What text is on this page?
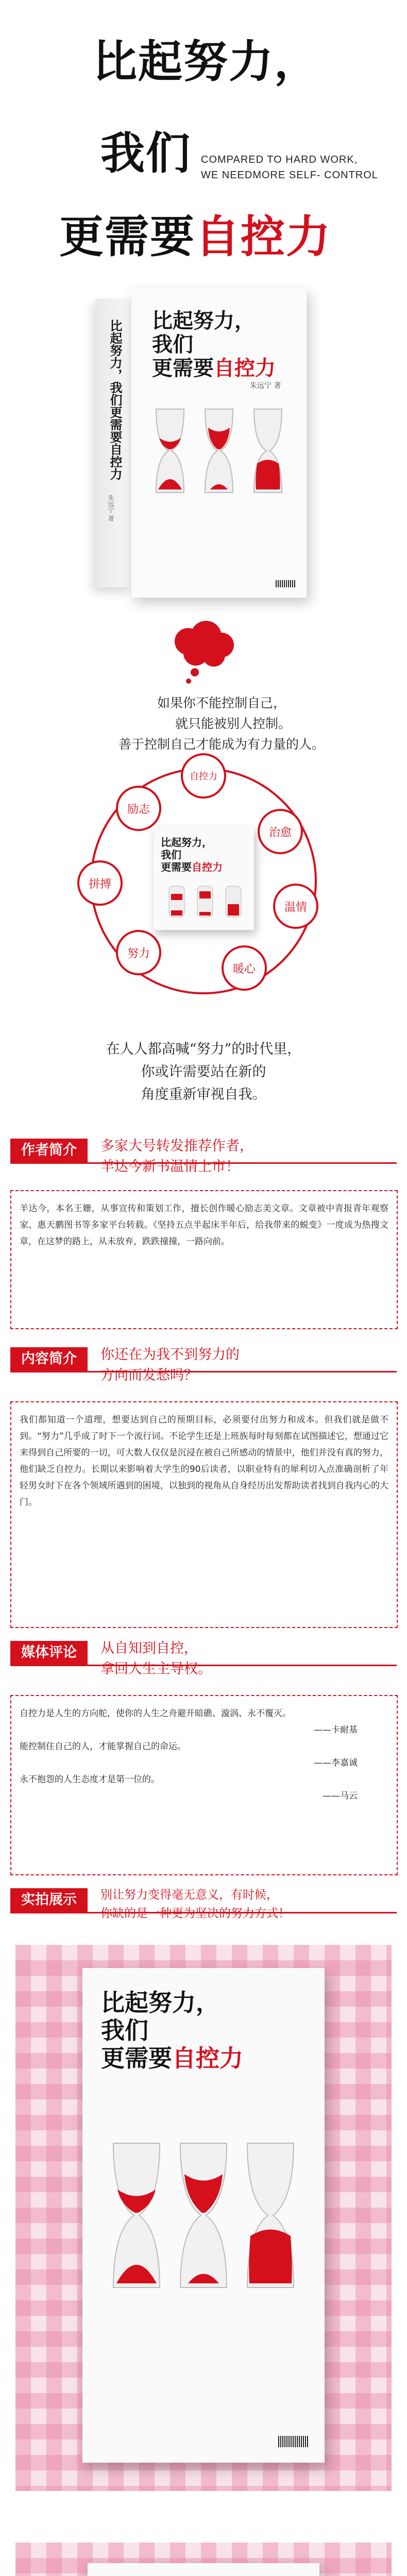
比起努力，
我们 COMPARED TO HARD WORK,
WE NEEDMORE SELF- CONTROL
更需要自控力
比起努力，我们更需要自控力
朱远宁 著
比起努力，
我们
更需要自控力
朱远宁 著

如果你不能控制自己，

就只能被别人控制。

善于控制自己才能成为有力量的人。

励志
自控力
治愈
温情
暖心
努力
拼搏
比起努力，
我们
更需要自控力

在人人都高喊“努力”的时代里，

你或许需要站在新的

角度重新审视自我。

作者简介	多家大号转发推荐作者，

羊达今新书温情上市！

羊达今，本名王姗，从事宣传和策划工作，擅长创作暖心励志美文章。文章被中青报青年观察家、惠天鹏图书等多家平台转载。《坚持五点半起床半年后，给我带来的蜕变》一度成为热搜文章，在这梦的路上，从未放弃，跌跌撞撞，一路向前。

内容简介	你还在为我不到努力的

方向而发愁吗？

我们都知道一个道理，想要达到自己的预期目标，必须要付出努力和成本。但我们就是做不到。“努力”几乎成了时下一个流行词。不论学生还是上班族每时每刻都在试图描述它，想通过它来得到自己所要的一切，可大数人仅仅是沉浸在被自己所感动的情景中，他们并没有真的努力，他们缺乏自控力。长期以来影响着大学生的90后读者，以职业特有的犀利切入点准确剖析了年轻男女时下在各个领域所遇到的困境，以独到的视角从自身经历出发帮助读者找到自我内心的大门。

媒体评论	从自知到自控，

拿回人生主导权。

自控力是人生的方向舵，使你的人生之舟避开暗礁、漩涡、永不覆灭。

——卡耐基

能控制住自己的人，才能掌握自己的命运。

——李嘉诚

永不抱怨的人生态度才是第一位的。

——马云

实拍展示	别让努力变得毫无意义，有时候，

你缺的是一种更为坚决的努力方式！

比起努力，
我们
更需要自控力
